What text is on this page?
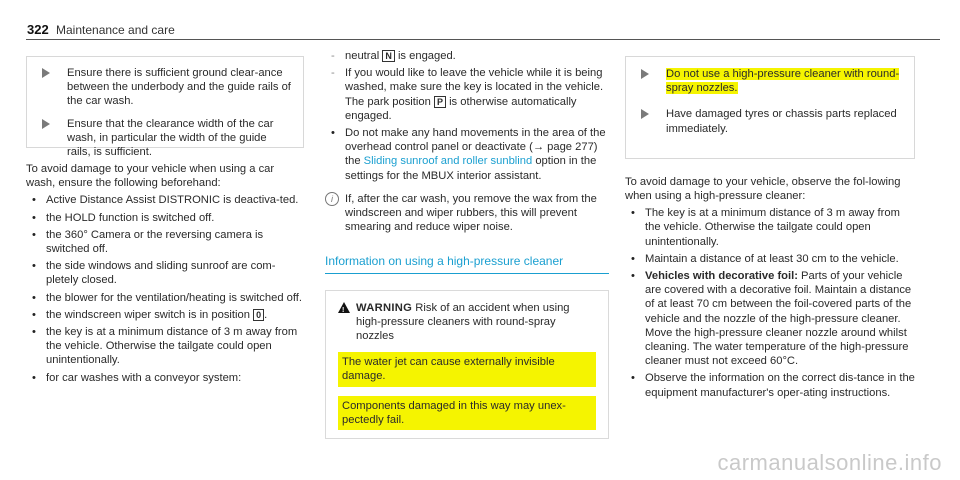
322 Maintenance and care
Ensure there is sufficient ground clear-ance between the underbody and the guide rails of the car wash.
Ensure that the clearance width of the car wash, in particular the width of the guide rails, is sufficient.

To avoid damage to your vehicle when using a car wash, ensure the following beforehand:

• Active Distance Assist DISTRONIC is deactiva-ted.
• the HOLD function is switched off.
• the 360° Camera or the reversing camera is switched off.
• the side windows and sliding sunroof are com-pletely closed.
• the blower for the ventilation/heating is switched off.
• the windscreen wiper switch is in position 0 .
• the key is at a minimum distance of 3 m away from the vehicle. Otherwise the tailgate could open unintentionally.
• for car washes with a conveyor system:
- neutral N is engaged.
- If you would like to leave the vehicle while it is being washed, make sure the key is located in the vehicle. The park position P is otherwise automatically engaged.
• Do not make any hand movements in the area of the overhead control panel or deactivate (→ page 277) the Sliding sunroof and roller sunblind option in the settings for the MBUX interior assistant.
i	If, after the car wash, you remove the wax from the windscreen and wiper rubbers, this will prevent smearing and reduce wiper noise.
Information on using a high-pressure cleaner
!
WARNING Risk of an accident when using high-pressure cleaners with round-spray nozzles
The water jet can cause externally invisible damage.
Components damaged in this way may unex-pectedly fail.
Do not use a high-pressure cleaner with round-spray nozzles.
Have damaged tyres or chassis parts replaced immediately.

To avoid damage to your vehicle, observe the fol-lowing when using a high-pressure cleaner:

• The key is at a minimum distance of 3 m away from the vehicle. Otherwise the tailgate could open unintentionally.
• Maintain a distance of at least 30 cm to the vehicle.
• Vehicles with decorative foil: Parts of your vehicle are covered with a decorative foil. Maintain a distance of at least 70 cm between the foil-covered parts of the vehicle and the nozzle of the high-pressure cleaner. Move the high-pressure cleaner nozzle around whilst cleaning. The water temperature of the high-pressure cleaner must not exceed 60°C.
• Observe the information on the correct dis-tance in the equipment manufacturer's oper-ating instructions.
carmanualsonline.info
